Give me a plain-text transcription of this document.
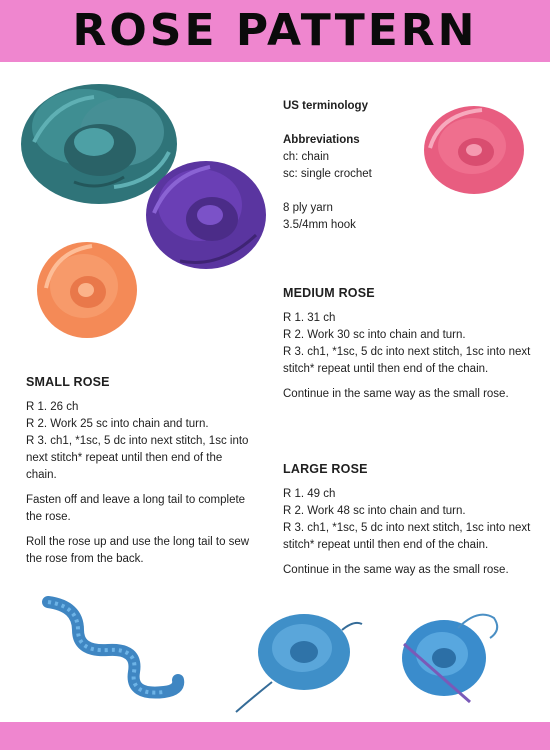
ROSE PATTERN

US terminology

Abbreviations

ch: chain

sc: single crochet

8 ply yarn

3.5/4mm hook

MEDIUM ROSE

R 1. 31 ch

R 2. Work 30 sc into chain and turn.

R 3. ch1, *1sc, 5 dc into next stitch, 1sc into next stitch* repeat until then end of the chain.

Continue in the same way as the small rose.

LARGE ROSE

R 1. 49 ch

R 2. Work 48 sc into chain and turn.

R 3. ch1, *1sc, 5 dc into next stitch, 1sc into next stitch* repeat until then end of the chain.

Continue in the same way as the small rose.

SMALL ROSE

R 1. 26 ch

R 2. Work 25 sc into chain and turn.

R 3. ch1, *1sc, 5 dc into next stitch, 1sc into next stitch* repeat until then end of the chain.

Fasten off and leave a long tail to complete the rose.

Roll the rose up and use the long tail to sew the rose from the back.
